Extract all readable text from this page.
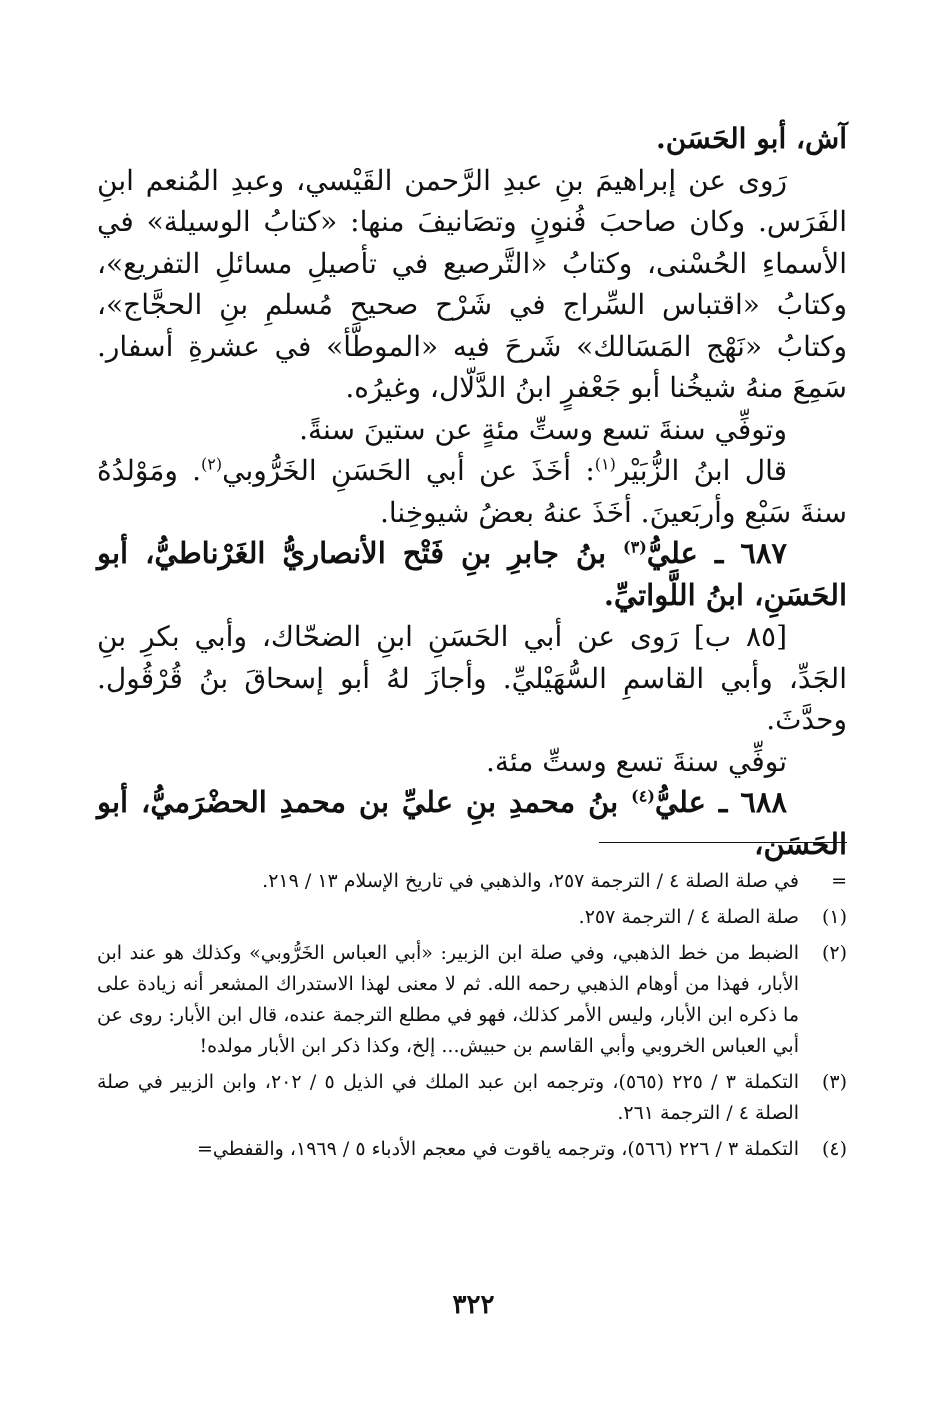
آش، أبو الحَسَن.

رَوى عن إبراهيمَ بنِ عبدِ الرَّحمن القَيْسي، وعبدِ المُنعم ابنِ الفَرَس. وكان صاحبَ فُنونٍ وتصَانيفَ منها: «كتابُ الوسيلة» في الأسماءِ الحُسْنى، وكتابُ «التَّرصيع في تأصيلِ مسائلِ التفريع»، وكتابُ «اقتباس السِّراج في شَرْح صحيح مُسلمِ بنِ الحجَّاج»، وكتابُ «نَهْج المَسَالك» شَرحَ فيه «الموطَّأ» في عشرةِ أسفار. سَمِعَ منهُ شيخُنا أبو جَعْفرٍ ابنُ الدَّلّال، وغيرُه.

وتوفِّي سنةَ تسع وستِّ مئةٍ عن ستينَ سنةً.

قال ابنُ الزُّبَيْر$^{(١)}$: أخَذَ عن أبي الحَسَنِ الخَرُّوبي$^{(٢)}$. ومَوْلدُهُ سنةَ سَبْع وأربَعينَ. أخَذَ عنهُ بعضُ شيوخِنا.

٦٨٧ ـ عليُّ$^{(٣)}$ بنُ جابرِ بنِ فَتْح الأنصاريُّ الغَرْناطيُّ، أبو الحَسَنِ، ابنُ اللَّواتيِّ.

[٨٥ ب] رَوى عن أبي الحَسَنِ ابنِ الضحّاك، وأبي بكرِ بنِ الجَدِّ، وأبي القاسمِ السُّهَيْليِّ. وأجازَ لهُ أبو إسحاقَ بنُ قُرْقُول. وحدَّثَ.

توفِّي سنةَ تسع وستِّ مئة.

٦٨٨ ـ عليُّ$^{(٤)}$ بنُ محمدِ بنِ عليِّ بن محمدِ الحضْرَميُّ، أبو الحَسَن،

=
في صلة الصلة ٤ / الترجمة ٢٥٧، والذهبي في تاريخ الإسلام ١٣ / ٢١٩.
(١)
صلة الصلة ٤ / الترجمة ٢٥٧.
(٢)
الضبط من خط الذهبي، وفي صلة ابن الزبير: «أبي العباس الخَرُّوبي» وكذلك هو عند ابن الأبار، فهذا من أوهام الذهبي رحمه الله. ثم لا معنى لهذا الاستدراك المشعر أنه زيادة على ما ذكره ابن الأبار، وليس الأمر كذلك، فهو في مطلع الترجمة عنده، قال ابن الأبار: روى عن أبي العباس الخروبي وأبي القاسم بن حبيش... إلخ، وكذا ذكر ابن الأبار مولده!
(٣)
التكملة ٣ / ٢٢٥ (٥٦٥)، وترجمه ابن عبد الملك في الذيل ٥ / ٢٠٢، وابن الزبير في صلة الصلة ٤ / الترجمة ٢٦١.
(٤)
التكملة ٣ / ٢٢٦ (٥٦٦)، وترجمه ياقوت في معجم الأدباء ٥ / ١٩٦٩، والقفطي=
٣٢٢
